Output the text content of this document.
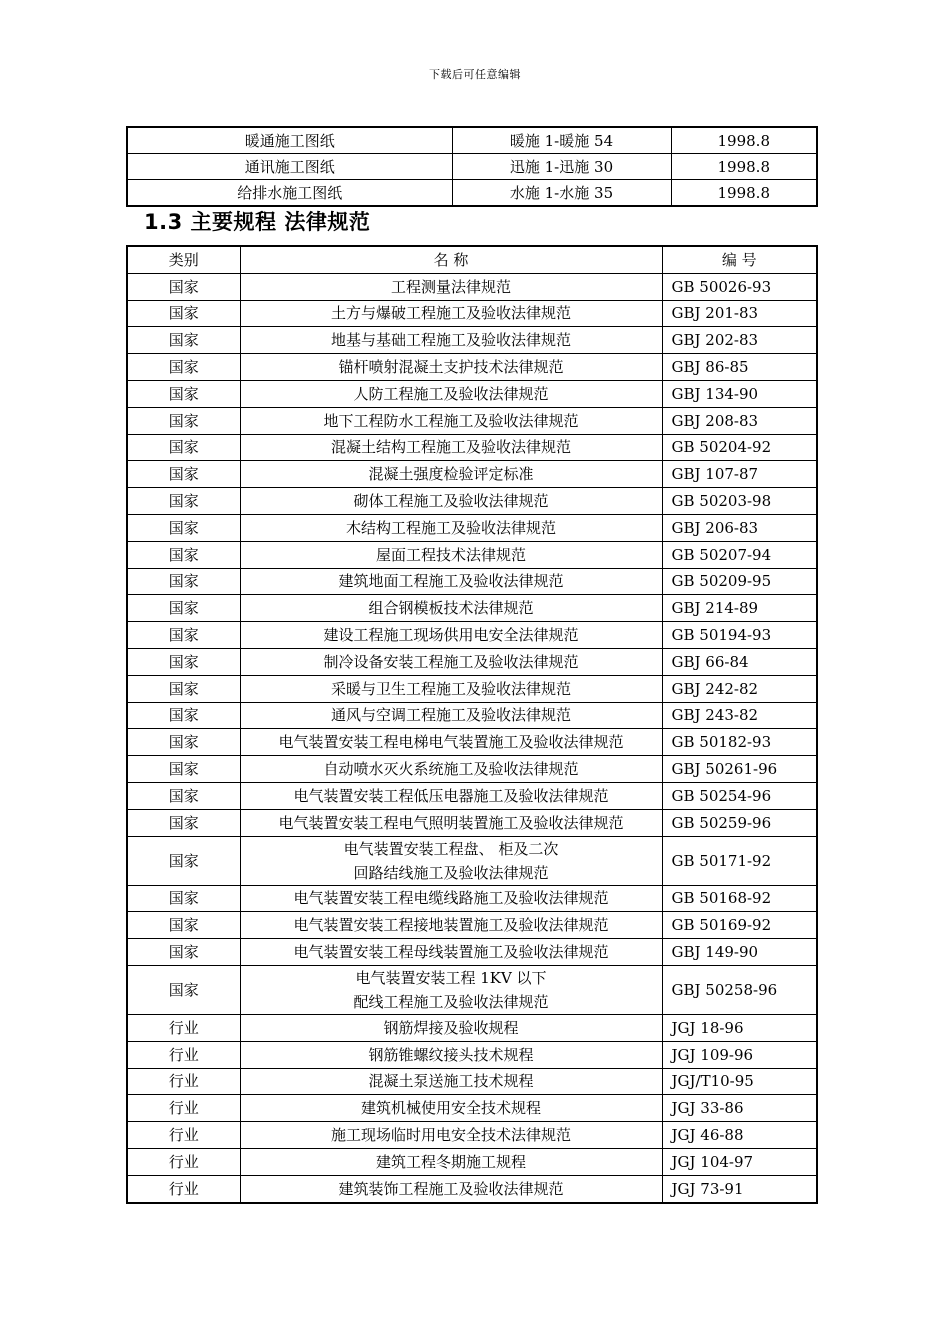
下载后可任意编辑
暖通施工图纸	暖施 1-暖施 54	1998.8
通讯施工图纸	迅施 1-迅施 30	1998.8
给排水施工图纸	水施 1-水施 35	1998.8
1.3 主要规程 法律规范
类别	名 称	编 号
国家	工程测量法律规范	GB 50026-93
国家	土方与爆破工程施工及验收法律规范	GBJ 201-83
国家	地基与基础工程施工及验收法律规范	GBJ 202-83
国家	锚杆喷射混凝土支护技术法律规范	GBJ 86-85
国家	人防工程施工及验收法律规范	GBJ 134-90
国家	地下工程防水工程施工及验收法律规范	GBJ 208-83
国家	混凝土结构工程施工及验收法律规范	GB 50204-92
国家	混凝土强度检验评定标准	GBJ 107-87
国家	砌体工程施工及验收法律规范	GB 50203-98
国家	木结构工程施工及验收法律规范	GBJ 206-83
国家	屋面工程技术法律规范	GB 50207-94
国家	建筑地面工程施工及验收法律规范	GB 50209-95
国家	组合钢模板技术法律规范	GBJ 214-89
国家	建设工程施工现场供用电安全法律规范	GB 50194-93
国家	制冷设备安装工程施工及验收法律规范	GBJ 66-84
国家	采暖与卫生工程施工及验收法律规范	GBJ 242-82
国家	通风与空调工程施工及验收法律规范	GBJ 243-82
国家	电气装置安装工程电梯电气装置施工及验收法律规范	GB 50182-93
国家	自动喷水灭火系统施工及验收法律规范	GBJ 50261-96
国家	电气装置安装工程低压电器施工及验收法律规范	GB 50254-96
国家	电气装置安装工程电气照明装置施工及验收法律规范	GB 50259-96
国家	电气装置安装工程盘、 柜及二次
回路结线施工及验收法律规范	GB 50171-92
国家	电气装置安装工程电缆线路施工及验收法律规范	GB 50168-92
国家	电气装置安装工程接地装置施工及验收法律规范	GB 50169-92
国家	电气装置安装工程母线装置施工及验收法律规范	GBJ 149-90
国家	电气装置安装工程 1KV 以下
配线工程施工及验收法律规范	GBJ 50258-96
行业	钢筋焊接及验收规程	JGJ 18-96
行业	钢筋锥螺纹接头技术规程	JGJ 109-96
行业	混凝土泵送施工技术规程	JGJ/T10-95
行业	建筑机械使用安全技术规程	JGJ 33-86
行业	施工现场临时用电安全技术法律规范	JGJ 46-88
行业	建筑工程冬期施工规程	JGJ 104-97
行业	建筑装饰工程施工及验收法律规范	JGJ 73-91
